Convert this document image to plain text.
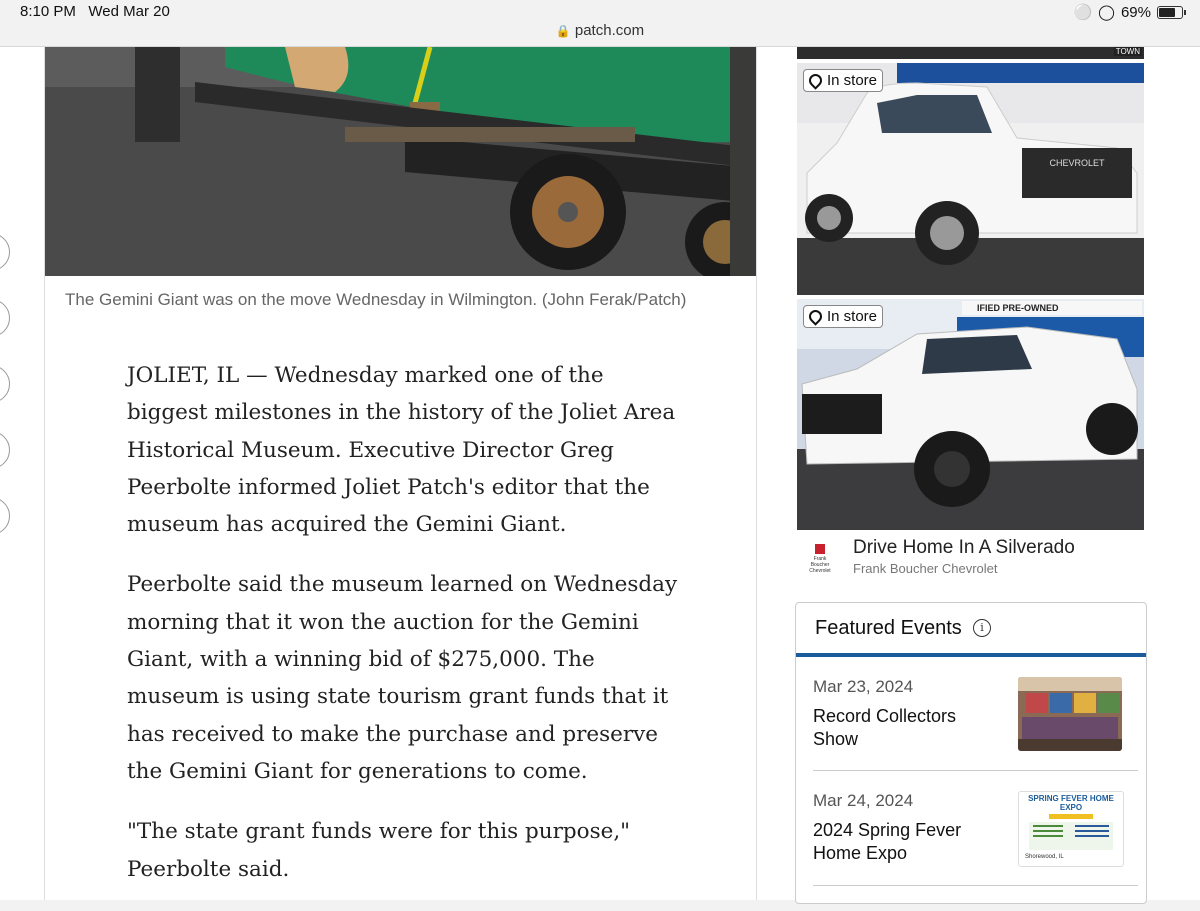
8:10 PM Wed Mar 20	⚪ ◯ 69%
🔒 patch.com
The Gemini Giant was on the move Wednesday in Wilmington. (John Ferak/Patch)

JOLIET, IL — Wednesday marked one of the biggest milestones in the history of the Joliet Area Historical Museum. Executive Director Greg Peerbolte informed Joliet Patch's editor that the museum has acquired the Gemini Giant.

Peerbolte said the museum learned on Wednesday morning that it won the auction for the Gemini Giant, with a winning bid of $275,000. The museum is using state tourism grant funds that it has received to make the purchase and preserve the Gemini Giant for generations to come.

"The state grant funds were for this purpose," Peerbolte said.

TOWN
CHEVROLET
In store
IFIED PRE-OWNED
In store
Frank Boucher Chevrolet
Drive Home In A Silverado
Frank Boucher Chevrolet
Featured Events	i
Mar 23, 2024
Record Collectors Show
Mar 24, 2024
2024 Spring Fever Home Expo
SPRING FEVER HOME EXPO
Shorewood, IL
